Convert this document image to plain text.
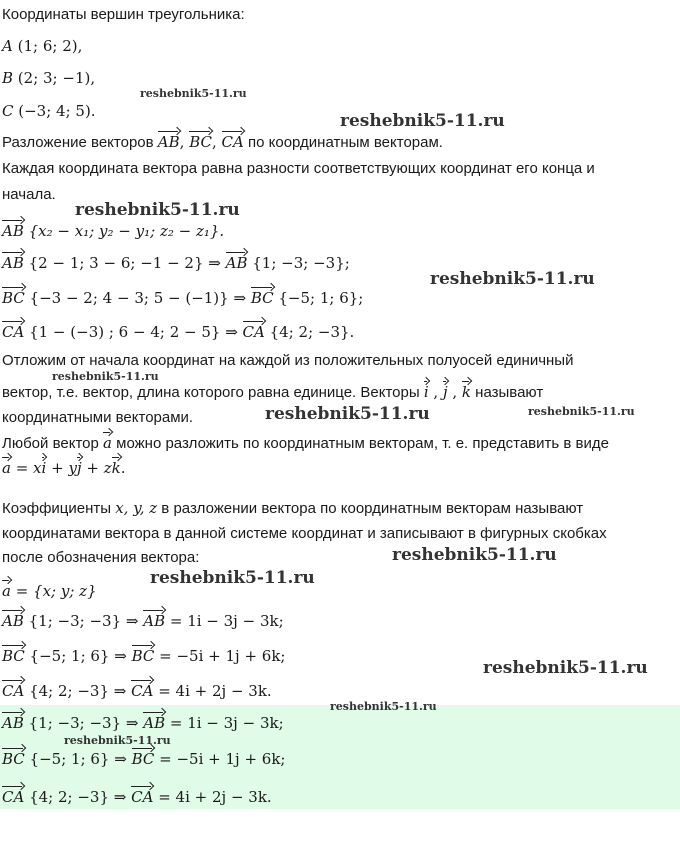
Координаты вершин треугольника:
A (1; 6; 2),
B (2; 3; −1),
C (−3; 4; 5).
Разложение векторов AB, BC, CA по координатным векторам.
Каждая координата вектора равна разности соответствующих координат его конца и
начала.
AB {x₂ − x₁; y₂ − y₁; z₂ − z₁}.
AB {2 − 1; 3 − 6; −1 − 2} ⇒ AB {1; −3; −3};
BC {−3 − 2; 4 − 3; 5 − (−1)} ⇒ BC {−5; 1; 6};
CA {1 − (−3) ; 6 − 4; 2 − 5} ⇒ CA {4; 2; −3}.
Отложим от начала координат на каждой из положительных полуосей единичный
вектор, т.е. вектор, длина которого равна единице. Векторы i , j , k называют
координатными векторами.
Любой вектор a можно разложить по координатным векторам, т. е. представить в виде
a = xi + yj + zk.
Коэффициенты x, y, z в разложении вектора по координатным векторам называют
координатами вектора в данной системе координат и записывают в фигурных скобках
после обозначения вектора:
a = {x; y; z}
AB {1; −3; −3} ⇒ AB = 1i − 3j − 3k;
BC {−5; 1; 6} ⇒ BC = −5i + 1j + 6k;
CA {4; 2; −3} ⇒ CA = 4i + 2j − 3k.
AB {1; −3; −3} ⇒ AB = 1i − 3j − 3k;
BC {−5; 1; 6} ⇒ BC = −5i + 1j + 6k;
CA {4; 2; −3} ⇒ CA = 4i + 2j − 3k.
reshebnik5-11.ru
reshebnik5-11.ru
reshebnik5-11.ru
reshebnik5-11.ru
reshebnik5-11.ru
reshebnik5-11.ru	reshebnik5-11.ru
reshebnik5-11.ru
reshebnik5-11.ru
reshebnik5-11.ru
reshebnik5-11.ru
reshebnik5-11.ru
